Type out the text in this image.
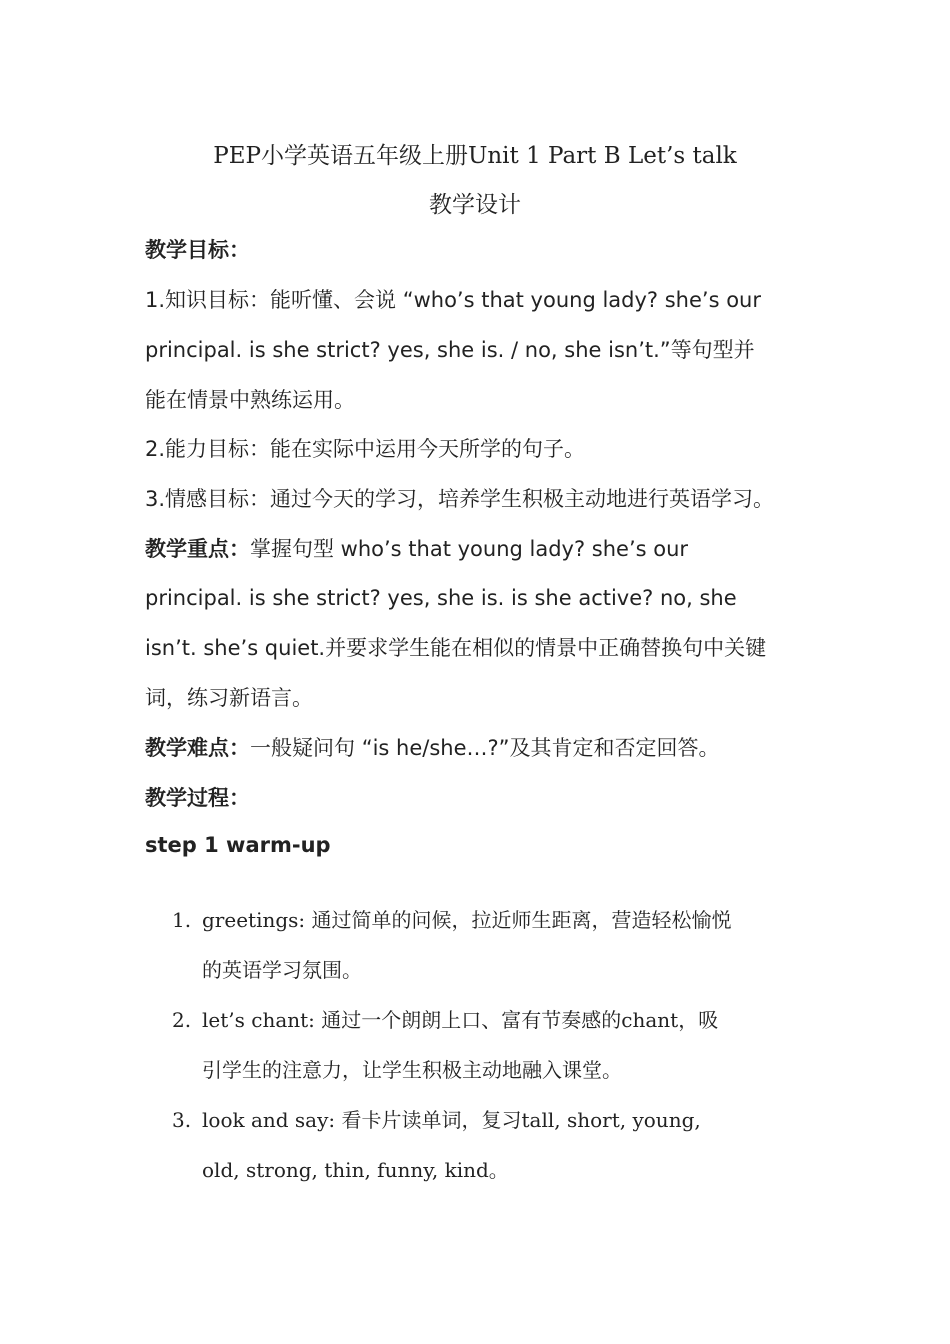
PEP小学英语五年级上册Unit 1 Part B Let’s talk
教学设计
教学目标：
1.知识目标：能听懂、会说 “who’s that young lady? she’s our
principal. is she strict? yes, she is. / no, she isn’t.”等句型并
能在情景中熟练运用。
2.能力目标：能在实际中运用今天所学的句子。
3.情感目标：通过今天的学习，培养学生积极主动地进行英语学习。
教学重点：掌握句型 who’s that young lady? she’s our
principal. is she strict? yes, she is. is she active? no, she
isn’t. she’s quiet.并要求学生能在相似的情景中正确替换句中关键
词，练习新语言。
教学难点：一般疑问句 “is he/she…?”及其肯定和否定回答。
教学过程：
step 1 warm-up
1. greetings: 通过简单的问候，拉近师生距离，营造轻松愉悦
的英语学习氛围。
2. let’s chant: 通过一个朗朗上口、富有节奏感的chant，吸
引学生的注意力，让学生积极主动地融入课堂。
3. look and say: 看卡片读单词，复习tall, short, young,
old, strong, thin, funny, kind。
